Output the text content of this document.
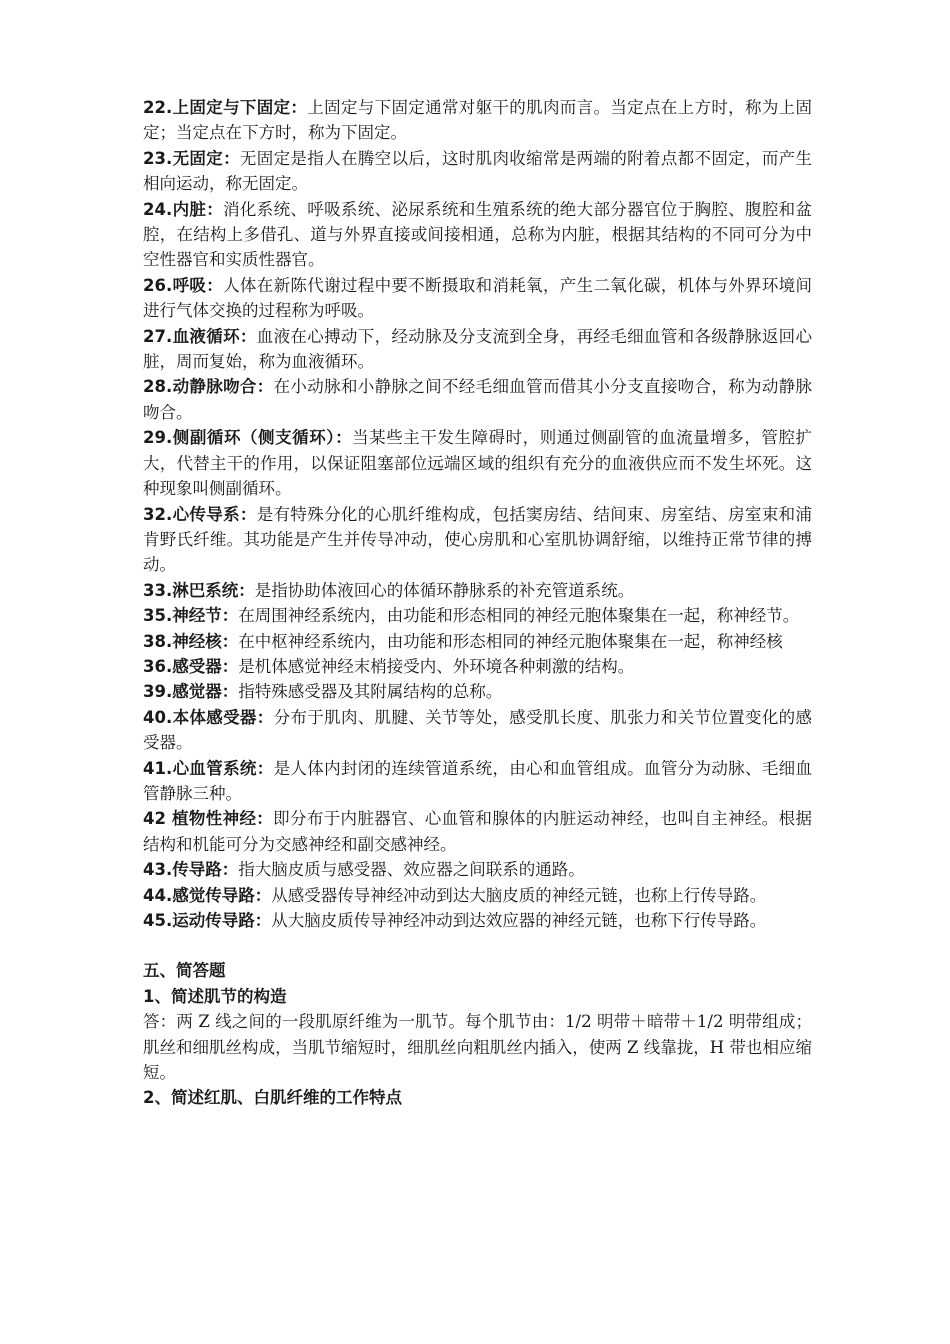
22.上固定与下固定：上固定与下固定通常对躯干的肌肉而言。当定点在上方时，称为上固定；当定点在下方时，称为下固定。

23.无固定：无固定是指人在腾空以后，这时肌肉收缩常是两端的附着点都不固定，而产生相向运动，称无固定。

24.内脏：消化系统、呼吸系统、泌尿系统和生殖系统的绝大部分器官位于胸腔、腹腔和盆腔，在结构上多借孔、道与外界直接或间接相通，总称为内脏，根据其结构的不同可分为中空性器官和实质性器官。

26.呼吸：人体在新陈代谢过程中要不断摄取和消耗氧，产生二氧化碳，机体与外界环境间进行气体交换的过程称为呼吸。

27.血液循环：血液在心搏动下，经动脉及分支流到全身，再经毛细血管和各级静脉返回心脏，周而复始，称为血液循环。

28.动静脉吻合：在小动脉和小静脉之间不经毛细血管而借其小分支直接吻合，称为动静脉吻合。

29.侧副循环（侧支循环）：当某些主干发生障碍时，则通过侧副管的血流量增多，管腔扩大，代替主干的作用，以保证阻塞部位远端区域的组织有充分的血液供应而不发生坏死。这种现象叫侧副循环。

32.心传导系：是有特殊分化的心肌纤维构成，包括窦房结、结间束、房室结、房室束和浦肯野氏纤维。其功能是产生并传导冲动，使心房肌和心室肌协调舒缩，以维持正常节律的搏动。

33.淋巴系统：是指协助体液回心的体循环静脉系的补充管道系统。

35.神经节：在周围神经系统内，由功能和形态相同的神经元胞体聚集在一起，称神经节。

38.神经核：在中枢神经系统内，由功能和形态相同的神经元胞体聚集在一起，称神经核

36.感受器：是机体感觉神经末梢接受内、外环境各种刺激的结构。

39.感觉器：指特殊感受器及其附属结构的总称。

40.本体感受器：分布于肌肉、肌腱、关节等处，感受肌长度、肌张力和关节位置变化的感受器。

41.心血管系统：是人体内封闭的连续管道系统，由心和血管组成。血管分为动脉、毛细血管静脉三种。

42 植物性神经：即分布于内脏器官、心血管和腺体的内脏运动神经，也叫自主神经。根据结构和机能可分为交感神经和副交感神经。

43.传导路：指大脑皮质与感受器、效应器之间联系的通路。

44.感觉传导路：从感受器传导神经冲动到达大脑皮质的神经元链，也称上行传导路。

45.运动传导路：从大脑皮质传导神经冲动到达效应器的神经元链，也称下行传导路。

五、简答题

1、简述肌节的构造

答：两 Z 线之间的一段肌原纤维为一肌节。每个肌节由：1/2 明带＋暗带＋1/2 明带组成；肌丝和细肌丝构成，当肌节缩短时，细肌丝向粗肌丝内插入，使两 Z 线靠拢，H 带也相应缩短。

2、简述红肌、白肌纤维的工作特点
